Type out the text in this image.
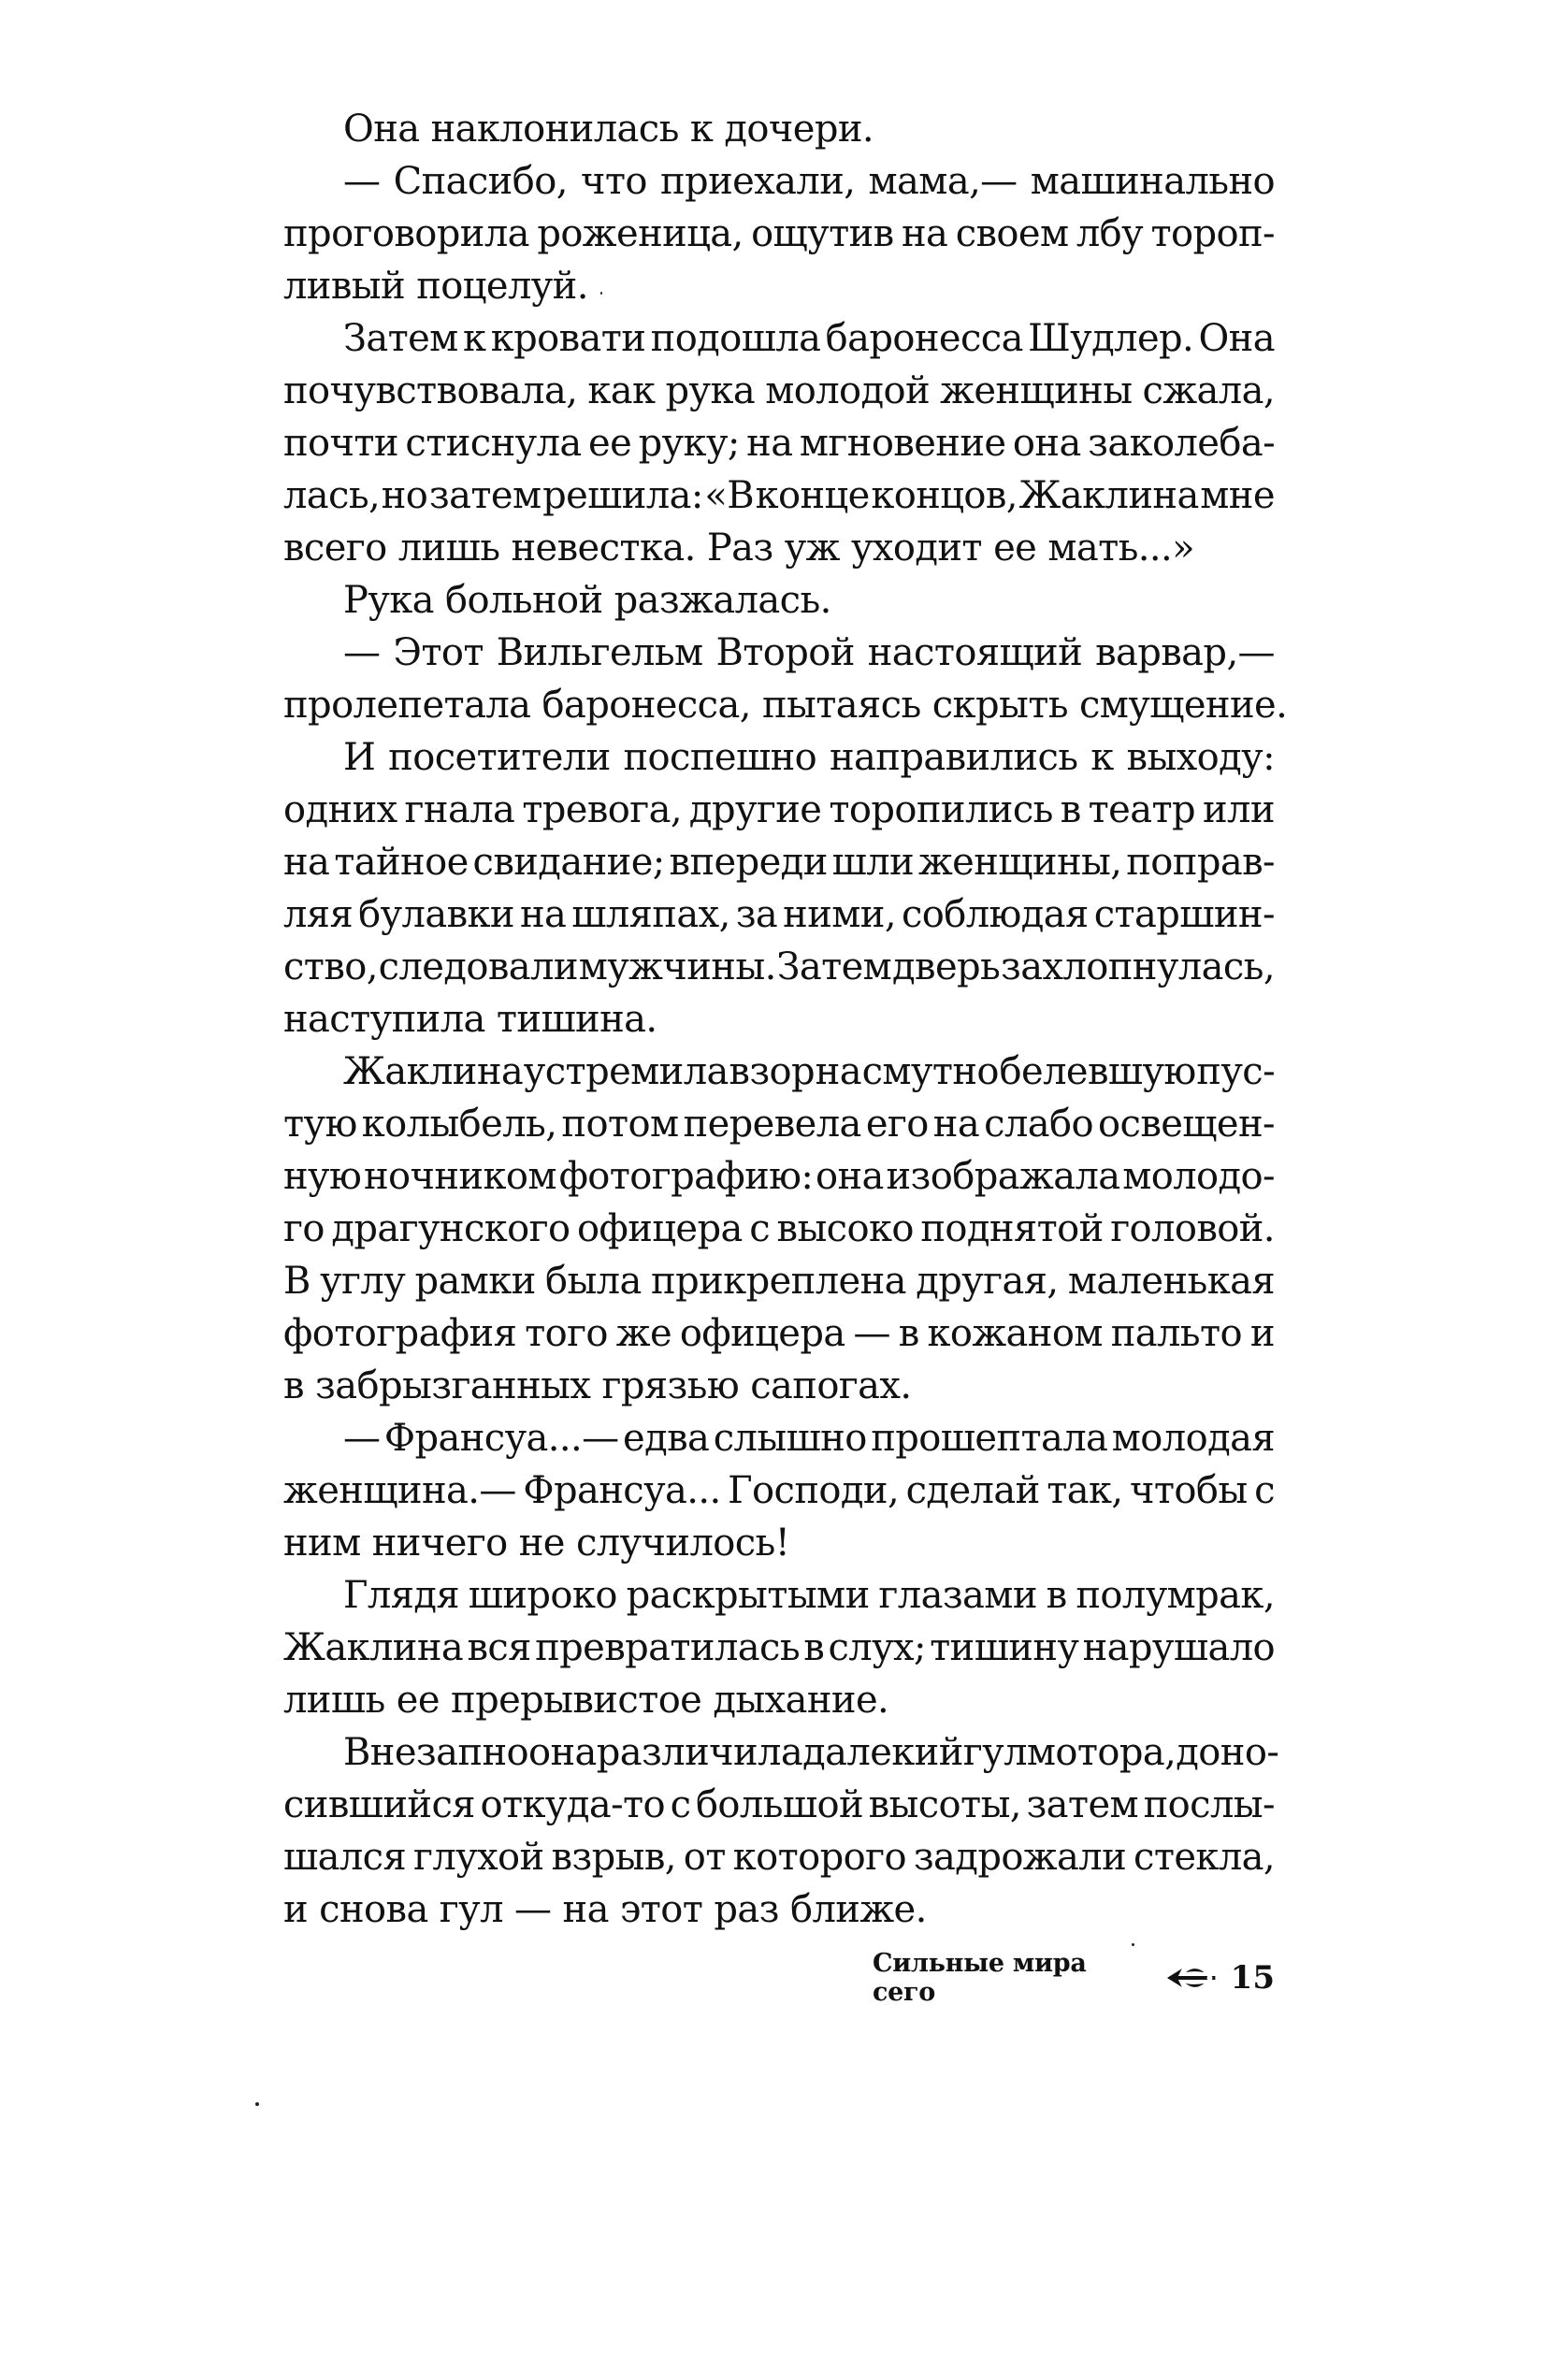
Она наклонилась к дочери.
— Спасибо, что приехали, мама,— машинально
проговорила роженица, ощутив на своем лбу тороп-
ливый поцелуй.
Затем к кровати подошла баронесса Шудлер. Она
почувствовала, как рука молодой женщины сжала,
почти стиснула ее руку; на мгновение она заколеба-
лась, но затем решила: «В конце концов, Жаклина мне
всего лишь невестка. Раз уж уходит ее мать...»
Рука больной разжалась.
— Этот Вильгельм Второй настоящий варвар,—
пролепетала баронесса, пытаясь скрыть смущение.
И посетители поспешно направились к выходу:
одних гнала тревога, другие торопились в театр или
на тайное свидание; впереди шли женщины, поправ-
ляя булавки на шляпах, за ними, соблюдая старшин-
ство, следовали мужчины. Затем дверь захлопнулась,
наступила тишина.
Жаклина устремила взор на смутно белевшую пус-
тую колыбель, потом перевела его на слабо освещен-
ную ночником фотографию: она изображала молодо-
го драгунского офицера с высоко поднятой головой.
В углу рамки была прикреплена другая, маленькая
фотография того же офицера — в кожаном пальто и
в забрызганных грязью сапогах.
— Франсуа...— едва слышно прошептала молодая
женщина.— Франсуа... Господи, сделай так, чтобы с
ним ничего не случилось!
Глядя широко раскрытыми глазами в полумрак,
Жаклина вся превратилась в слух; тишину нарушало
лишь ее прерывистое дыхание.
Внезапно она различила далекий гул мотора, доно-
сившийся откуда-то с большой высоты, затем послы-
шался глухой взрыв, от которого задрожали стекла,
и снова гул — на этот раз ближе.
Сильные мира сего	15
